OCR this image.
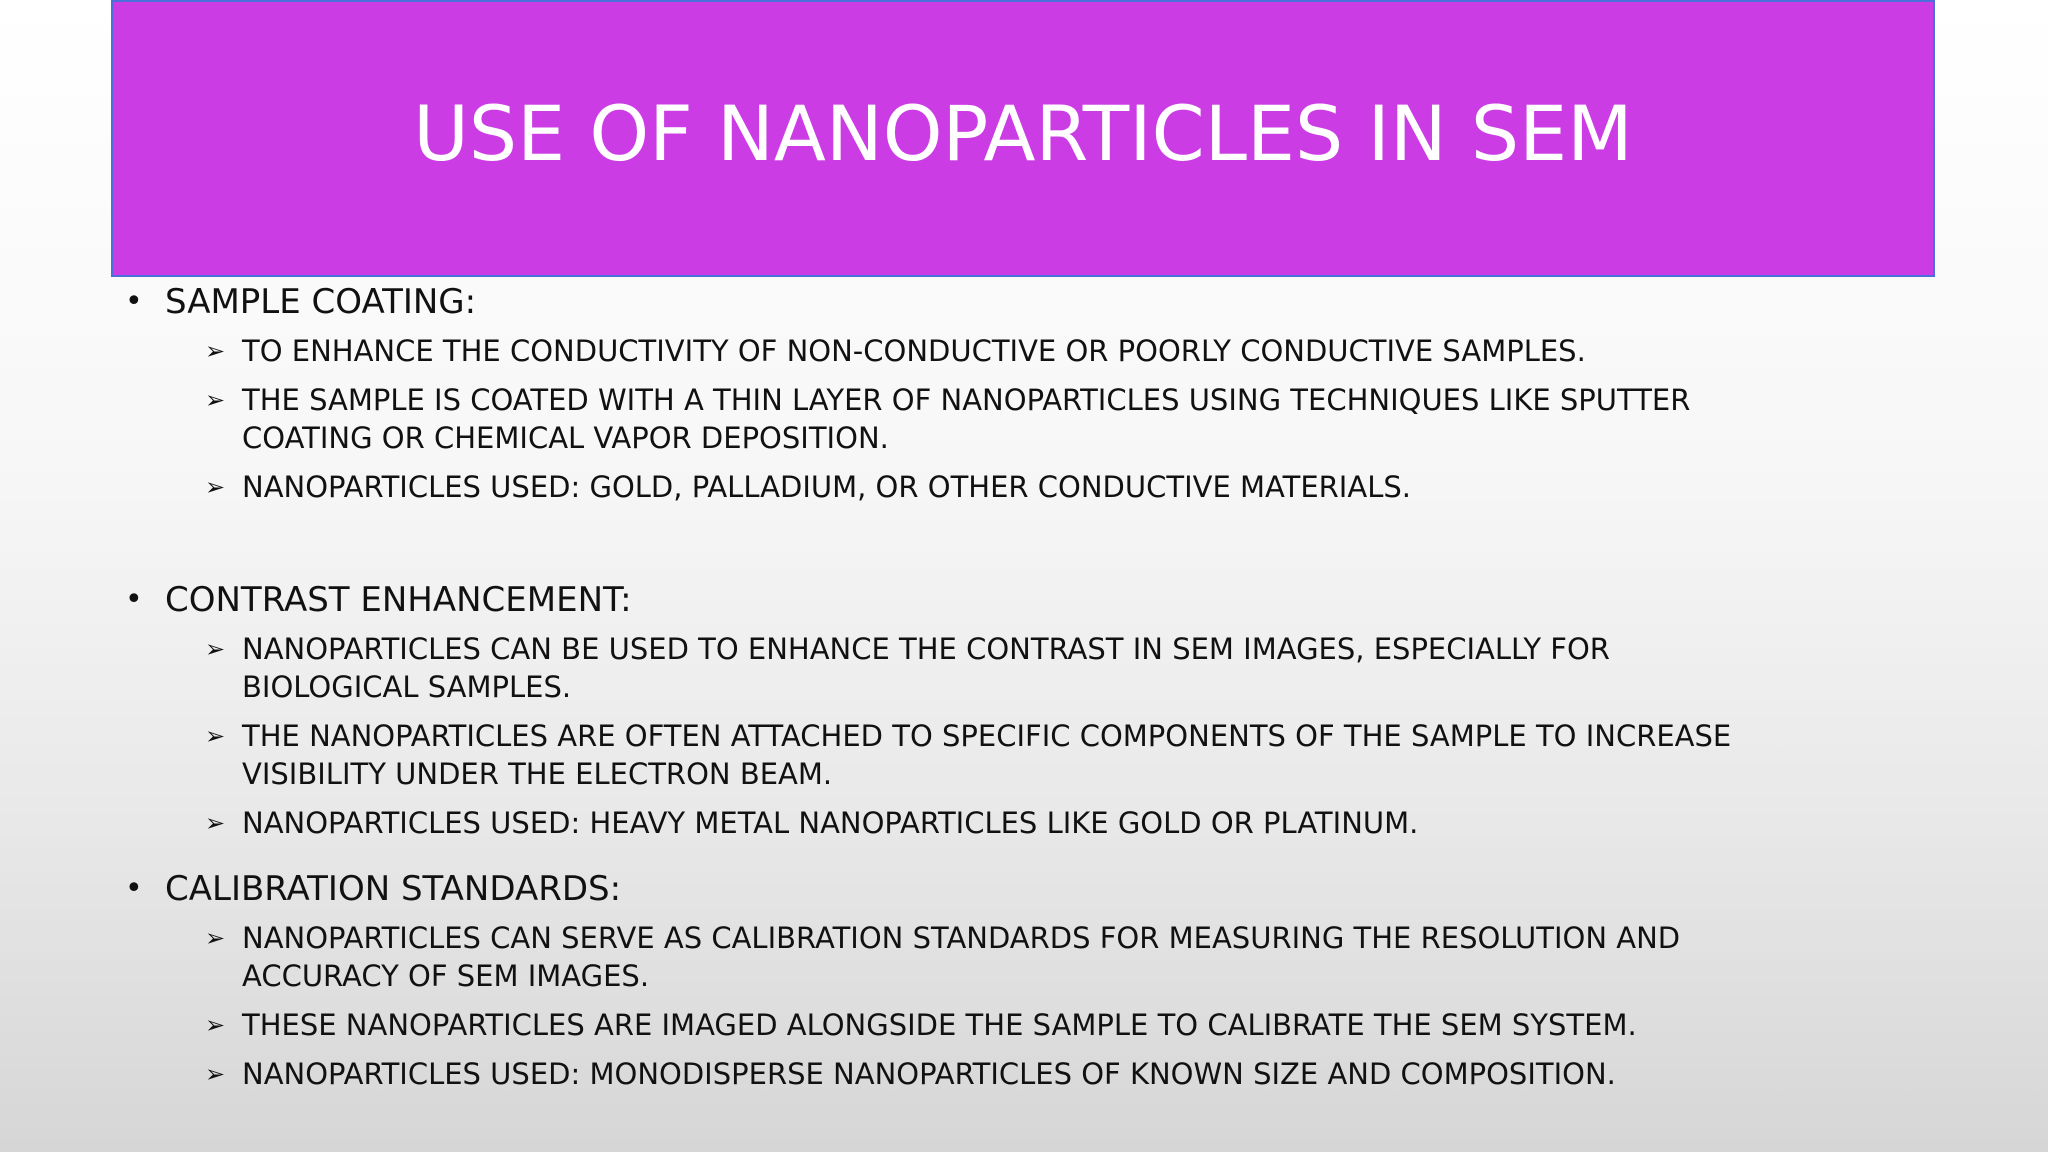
USE OF NANOPARTICLES IN SEM
• SAMPLE COATING:
➢ TO ENHANCE THE CONDUCTIVITY OF NON-CONDUCTIVE OR POORLY CONDUCTIVE SAMPLES.
➢ THE SAMPLE IS COATED WITH A THIN LAYER OF NANOPARTICLES USING TECHNIQUES LIKE SPUTTER
COATING OR CHEMICAL VAPOR DEPOSITION.
➢ NANOPARTICLES USED: GOLD, PALLADIUM, OR OTHER CONDUCTIVE MATERIALS.
• CONTRAST ENHANCEMENT:
➢ NANOPARTICLES CAN BE USED TO ENHANCE THE CONTRAST IN SEM IMAGES, ESPECIALLY FOR
BIOLOGICAL SAMPLES.
➢ THE NANOPARTICLES ARE OFTEN ATTACHED TO SPECIFIC COMPONENTS OF THE SAMPLE TO INCREASE
VISIBILITY UNDER THE ELECTRON BEAM.
➢ NANOPARTICLES USED: HEAVY METAL NANOPARTICLES LIKE GOLD OR PLATINUM.
• CALIBRATION STANDARDS:
➢ NANOPARTICLES CAN SERVE AS CALIBRATION STANDARDS FOR MEASURING THE RESOLUTION AND
ACCURACY OF SEM IMAGES.
➢ THESE NANOPARTICLES ARE IMAGED ALONGSIDE THE SAMPLE TO CALIBRATE THE SEM SYSTEM.
➢ NANOPARTICLES USED: MONODISPERSE NANOPARTICLES OF KNOWN SIZE AND COMPOSITION.
